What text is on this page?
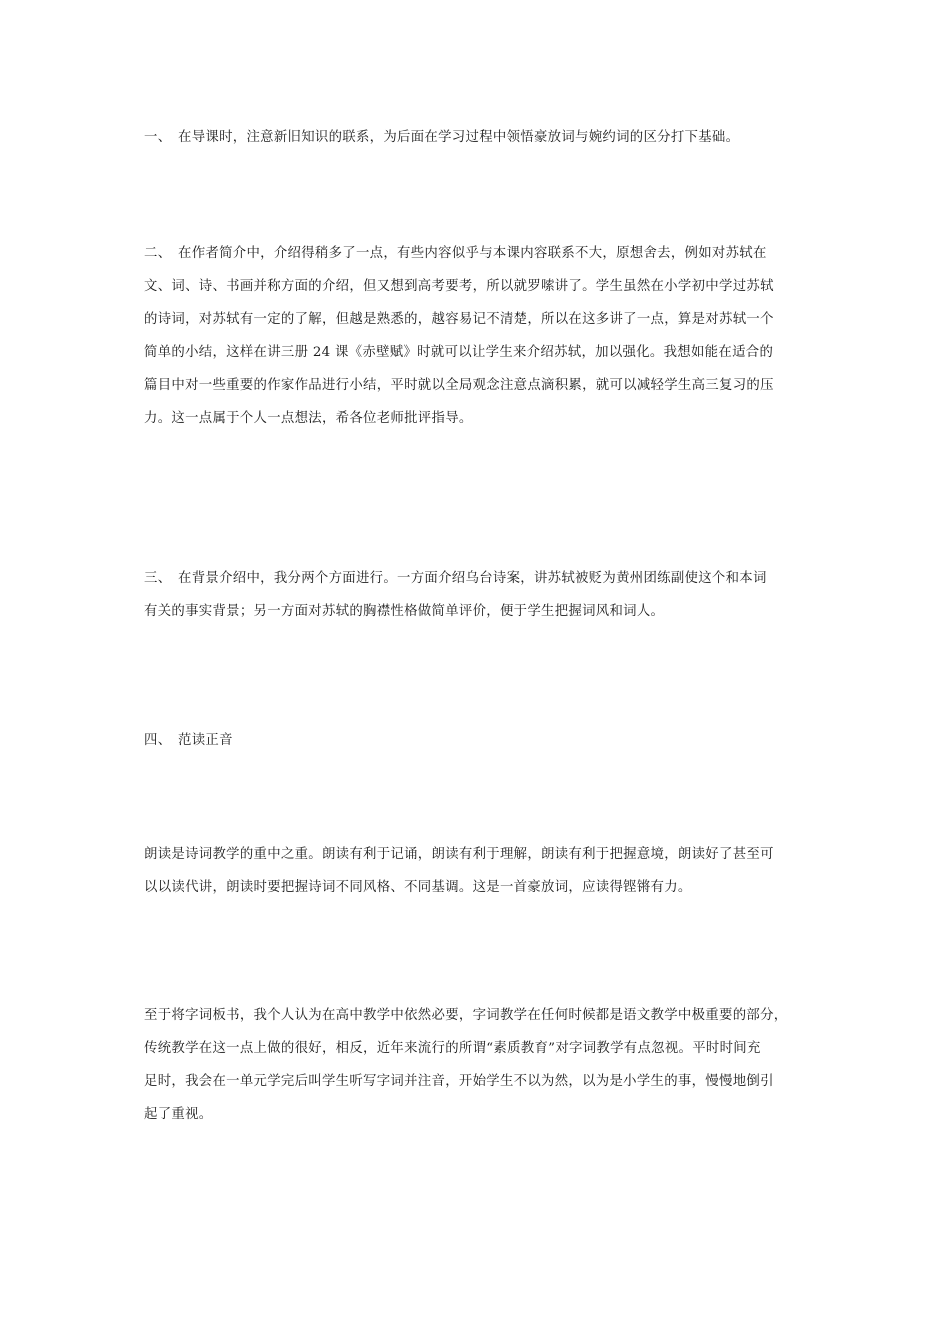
一、 在导课时，注意新旧知识的联系，为后面在学习过程中领悟豪放词与婉约词的区分打下基础。
二、 在作者简介中，介绍得稍多了一点，有些内容似乎与本课内容联系不大，原想舍去，例如对苏轼在
文、词、诗、书画并称方面的介绍，但又想到高考要考，所以就罗嗦讲了。学生虽然在小学初中学过苏轼
的诗词，对苏轼有一定的了解，但越是熟悉的，越容易记不清楚，所以在这多讲了一点，算是对苏轼一个
简单的小结，这样在讲三册 24 课《赤壁赋》时就可以让学生来介绍苏轼，加以强化。我想如能在适合的
篇目中对一些重要的作家作品进行小结，平时就以全局观念注意点滴积累，就可以减轻学生高三复习的压
力。这一点属于个人一点想法，希各位老师批评指导。
三、 在背景介绍中，我分两个方面进行。一方面介绍乌台诗案，讲苏轼被贬为黄州团练副使这个和本词
有关的事实背景；另一方面对苏轼的胸襟性格做简单评价，便于学生把握词风和词人。
四、 范读正音
朗读是诗词教学的重中之重。朗读有利于记诵，朗读有利于理解，朗读有利于把握意境，朗读好了甚至可
以以读代讲，朗读时要把握诗词不同风格、不同基调。这是一首豪放词，应读得铿锵有力。
至于将字词板书，我个人认为在高中教学中依然必要，字词教学在任何时候都是语文教学中极重要的部分，
传统教学在这一点上做的很好，相反，近年来流行的所谓“素质教育”对字词教学有点忽视。平时时间充
足时，我会在一单元学完后叫学生听写字词并注音，开始学生不以为然，以为是小学生的事，慢慢地倒引
起了重视。
